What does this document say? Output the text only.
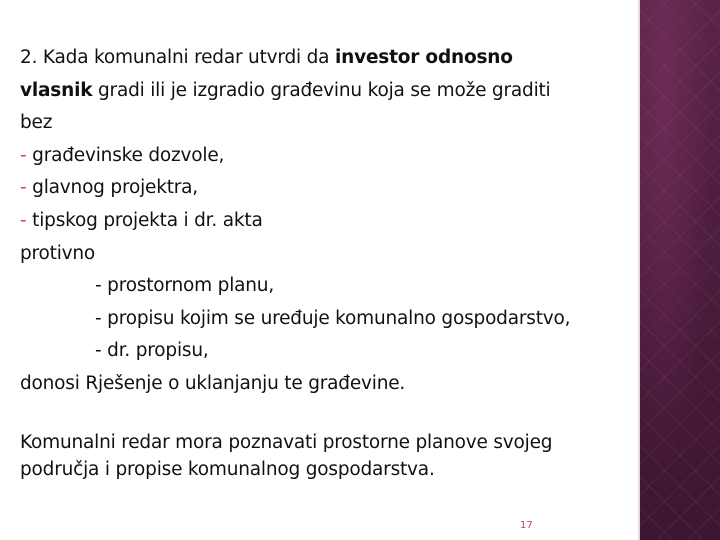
2. Kada komunalni redar utvrdi da investor odnosno
vlasnik gradi ili je izgradio građevinu koja se može graditi
bez
- građevinske dozvole,
- glavnog projektra,
- tipskog projekta i dr. akta
protivno
- prostornom planu,
- propisu kojim se uređuje komunalno gospodarstvo,
- dr. propisu,
donosi Rješenje o uklanjanju te građevine.
Komunalni redar mora poznavati prostorne planove svojeg
područja i propise komunalnog gospodarstva.
17
